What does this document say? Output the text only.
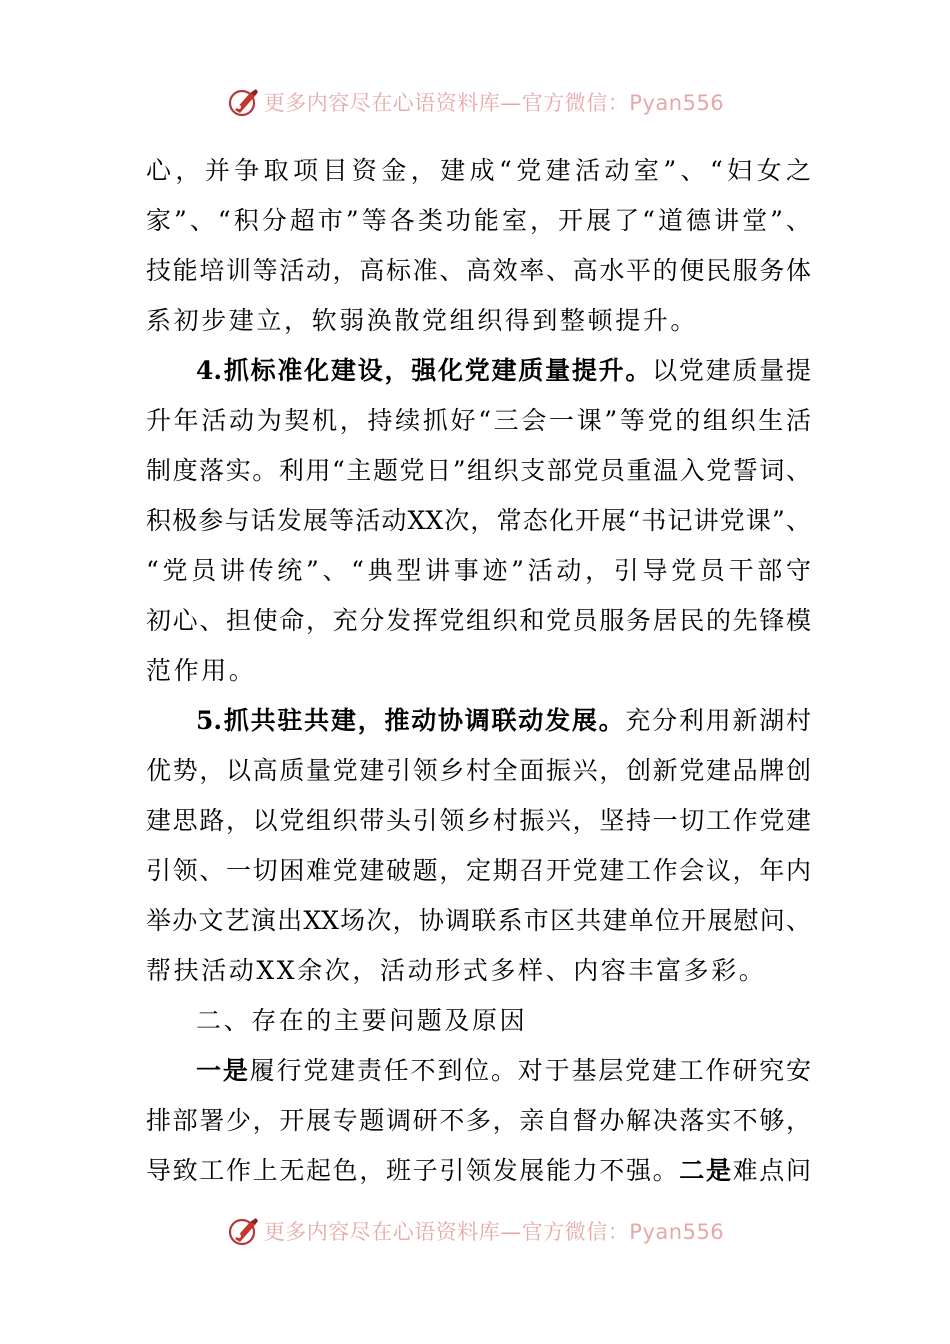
更多内容尽在心语资料库—官方微信：Pyan556
心，并争取项目资金，建成“党建活动室”、“妇女之
家”、“积分超市”等各类功能室，开展了“道德讲堂”、
技能培训等活动，高标准、高效率、高水平的便民服务体
系初步建立，软弱涣散党组织得到整顿提升。
4.抓标准化建设，强化党建质量提升。以党建质量提
升年活动为契机，持续抓好“三会一课”等党的组织生活
制度落实。利用“主题党日”组织支部党员重温入党誓词、
积极参与话发展等活动XX次，常态化开展“书记讲党课”、
“党员讲传统”、“典型讲事迹”活动，引导党员干部守
初心、担使命，充分发挥党组织和党员服务居民的先锋模
范作用。
5.抓共驻共建，推动协调联动发展。充分利用新湖村
优势，以高质量党建引领乡村全面振兴，创新党建品牌创
建思路，以党组织带头引领乡村振兴，坚持一切工作党建
引领、一切困难党建破题，定期召开党建工作会议，年内
举办文艺演出XX场次，协调联系市区共建单位开展慰问、
帮扶活动XX余次，活动形式多样、内容丰富多彩。
二、存在的主要问题及原因
一是履行党建责任不到位。对于基层党建工作研究安
排部署少，开展专题调研不多，亲自督办解决落实不够，
导致工作上无起色，班子引领发展能力不强。二是难点问
更多内容尽在心语资料库—官方微信：Pyan556
